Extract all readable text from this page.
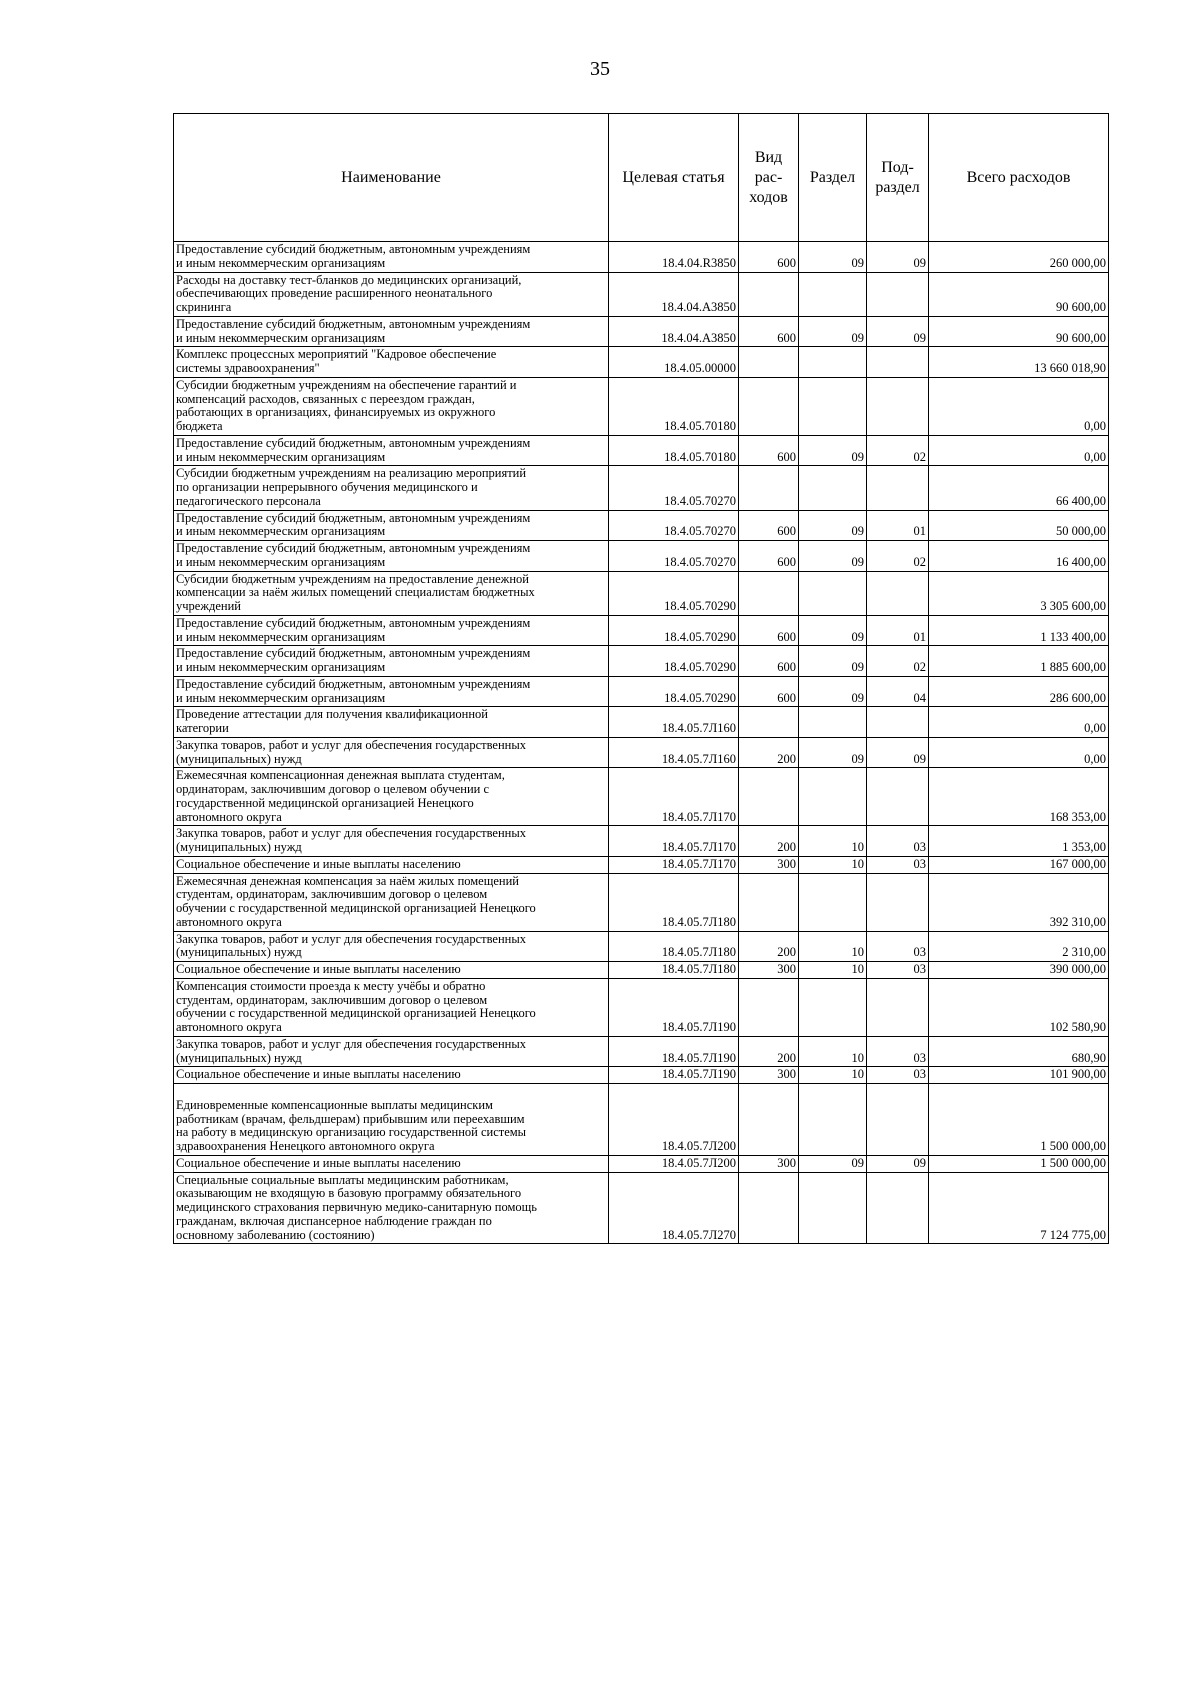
35
Наименование	Целевая статья	Вид
рас-
ходов	Раздел	Под-
раздел	Всего расходов
Предоставление субсидий бюджетным, автономным учреждениям
и иным некоммерческим организациям	18.4.04.R3850	600	09	09	260 000,00
Расходы на доставку тест-бланков до медицинских организаций,
обеспечивающих проведение расширенного неонатального
скрининга	18.4.04.А3850				90 600,00
Предоставление субсидий бюджетным, автономным учреждениям
и иным некоммерческим организациям	18.4.04.А3850	600	09	09	90 600,00
Комплекс процессных мероприятий "Кадровое обеспечение
системы здравоохранения"	18.4.05.00000				13 660 018,90
Субсидии бюджетным учреждениям на обеспечение гарантий и
компенсаций расходов, связанных с переездом граждан,
работающих в организациях, финансируемых из окружного
бюджета	18.4.05.70180				0,00
Предоставление субсидий бюджетным, автономным учреждениям
и иным некоммерческим организациям	18.4.05.70180	600	09	02	0,00
Субсидии бюджетным учреждениям на реализацию мероприятий
по организации непрерывного обучения медицинского и
педагогического персонала	18.4.05.70270				66 400,00
Предоставление субсидий бюджетным, автономным учреждениям
и иным некоммерческим организациям	18.4.05.70270	600	09	01	50 000,00
Предоставление субсидий бюджетным, автономным учреждениям
и иным некоммерческим организациям	18.4.05.70270	600	09	02	16 400,00
Субсидии бюджетным учреждениям на предоставление денежной
компенсации за наём жилых помещений специалистам бюджетных
учреждений	18.4.05.70290				3 305 600,00
Предоставление субсидий бюджетным, автономным учреждениям
и иным некоммерческим организациям	18.4.05.70290	600	09	01	1 133 400,00
Предоставление субсидий бюджетным, автономным учреждениям
и иным некоммерческим организациям	18.4.05.70290	600	09	02	1 885 600,00
Предоставление субсидий бюджетным, автономным учреждениям
и иным некоммерческим организациям	18.4.05.70290	600	09	04	286 600,00
Проведение аттестации для получения квалификационной
категории	18.4.05.7Л160				0,00
Закупка товаров, работ и услуг для обеспечения государственных
(муниципальных) нужд	18.4.05.7Л160	200	09	09	0,00
Ежемесячная компенсационная денежная выплата студентам,
ординаторам, заключившим договор о целевом обучении с
государственной медицинской организацией Ненецкого
автономного округа	18.4.05.7Л170				168 353,00
Закупка товаров, работ и услуг для обеспечения государственных
(муниципальных) нужд	18.4.05.7Л170	200	10	03	1 353,00
Социальное обеспечение и иные выплаты населению	18.4.05.7Л170	300	10	03	167 000,00
Ежемесячная денежная компенсация за наём жилых помещений
студентам, ординаторам, заключившим договор о целевом
обучении с государственной медицинской организацией Ненецкого
автономного округа	18.4.05.7Л180				392 310,00
Закупка товаров, работ и услуг для обеспечения государственных
(муниципальных) нужд	18.4.05.7Л180	200	10	03	2 310,00
Социальное обеспечение и иные выплаты населению	18.4.05.7Л180	300	10	03	390 000,00
Компенсация стоимости проезда к месту учёбы и обратно
студентам, ординаторам, заключившим договор о целевом
обучении с государственной медицинской организацией Ненецкого
автономного округа	18.4.05.7Л190				102 580,90
Закупка товаров, работ и услуг для обеспечения государственных
(муниципальных) нужд	18.4.05.7Л190	200	10	03	680,90
Социальное обеспечение и иные выплаты населению	18.4.05.7Л190	300	10	03	101 900,00

Единовременные компенсационные выплаты медицинским
работникам (врачам, фельдшерам) прибывшим или переехавшим
на работу в медицинскую организацию государственной системы
здравоохранения Ненецкого автономного округа	18.4.05.7Л200				1 500 000,00
Социальное обеспечение и иные выплаты населению	18.4.05.7Л200	300	09	09	1 500 000,00
Специальные социальные выплаты медицинским работникам,
оказывающим не входящую в базовую программу обязательного
медицинского страхования первичную медико-санитарную помощь
гражданам, включая диспансерное наблюдение граждан по
основному заболеванию (состоянию)	18.4.05.7Л270				7 124 775,00
